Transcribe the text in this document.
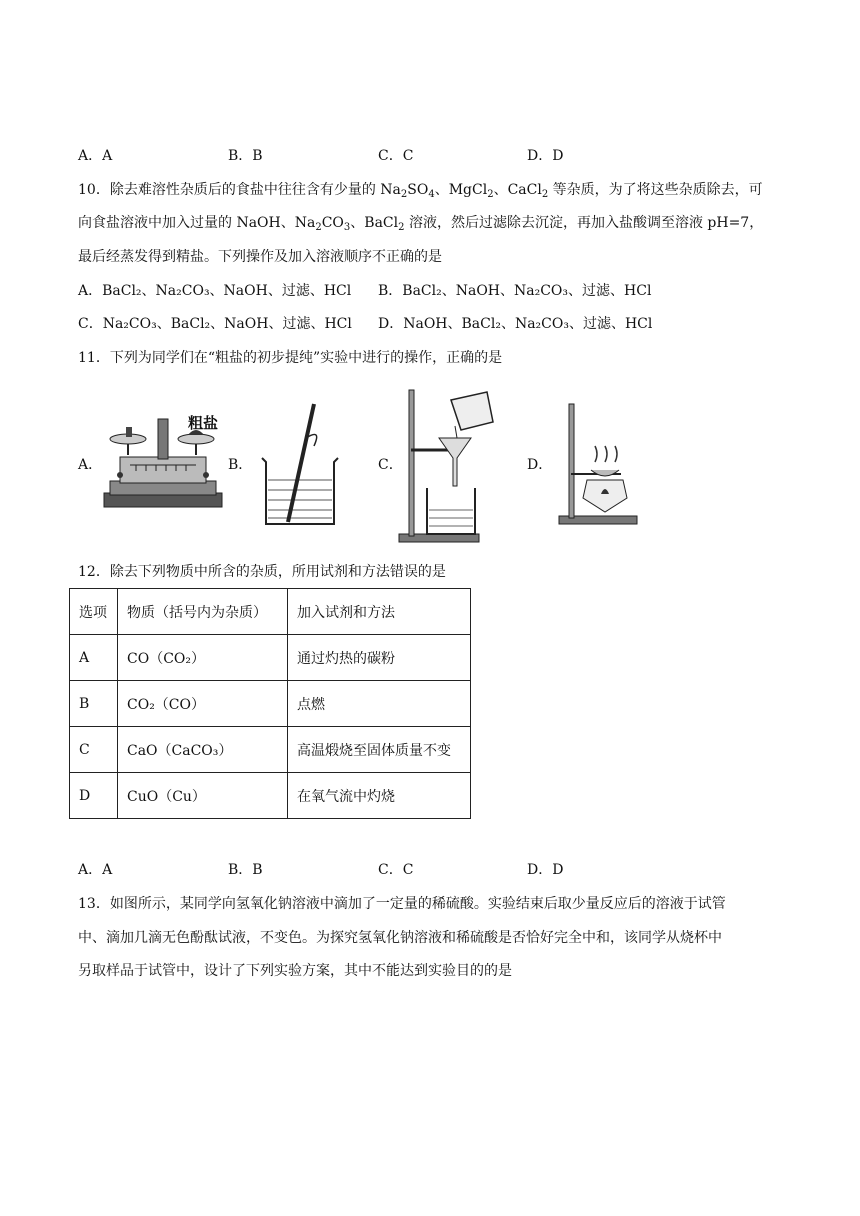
A．A	B．B	C．C	D．D
10．除去难溶性杂质后的食盐中往往含有少量的 $Na_2SO_4$、MgCl$_2$、CaCl$_2$ 等杂质，为了将这些杂质除去，可
向食盐溶液中加入过量的 NaOH、$Na_2CO_3$、BaCl$_2$ 溶液，然后过滤除去沉淀，再加入盐酸调至溶液 pH=7，
最后经蒸发得到精盐。下列操作及加入溶液顺序不正确的是
A．BaCl₂、Na₂CO₃、NaOH、过滤、HCl B．BaCl₂、NaOH、Na₂CO₃、过滤、HCl
C．Na₂CO₃、BaCl₂、NaOH、过滤、HCl D．NaOH、BaCl₂、Na₂CO₃、过滤、HCl
11．下列为同学们在“粗盐的初步提纯”实验中进行的操作，正确的是
A．	B．	C．	D．
粗盐
12．除去下列物质中所含的杂质，所用试剂和方法错误的是
选项	物质（括号内为杂质）	加入试剂和方法
A	CO（CO₂）	通过灼热的碳粉
B	CO₂（CO）	点燃
C	CaO（CaCO₃）	高温煅烧至固体质量不变
D	CuO（Cu）	在氧气流中灼烧
A．A	B．B	C．C	D．D
13．如图所示，某同学向氢氧化钠溶液中滴加了一定量的稀硫酸。实验结束后取少量反应后的溶液于试管
中、滴加几滴无色酚酞试液，不变色。为探究氢氧化钠溶液和稀硫酸是否恰好完全中和，该同学从烧杯中
另取样品于试管中，设计了下列实验方案，其中不能达到实验目的的是
